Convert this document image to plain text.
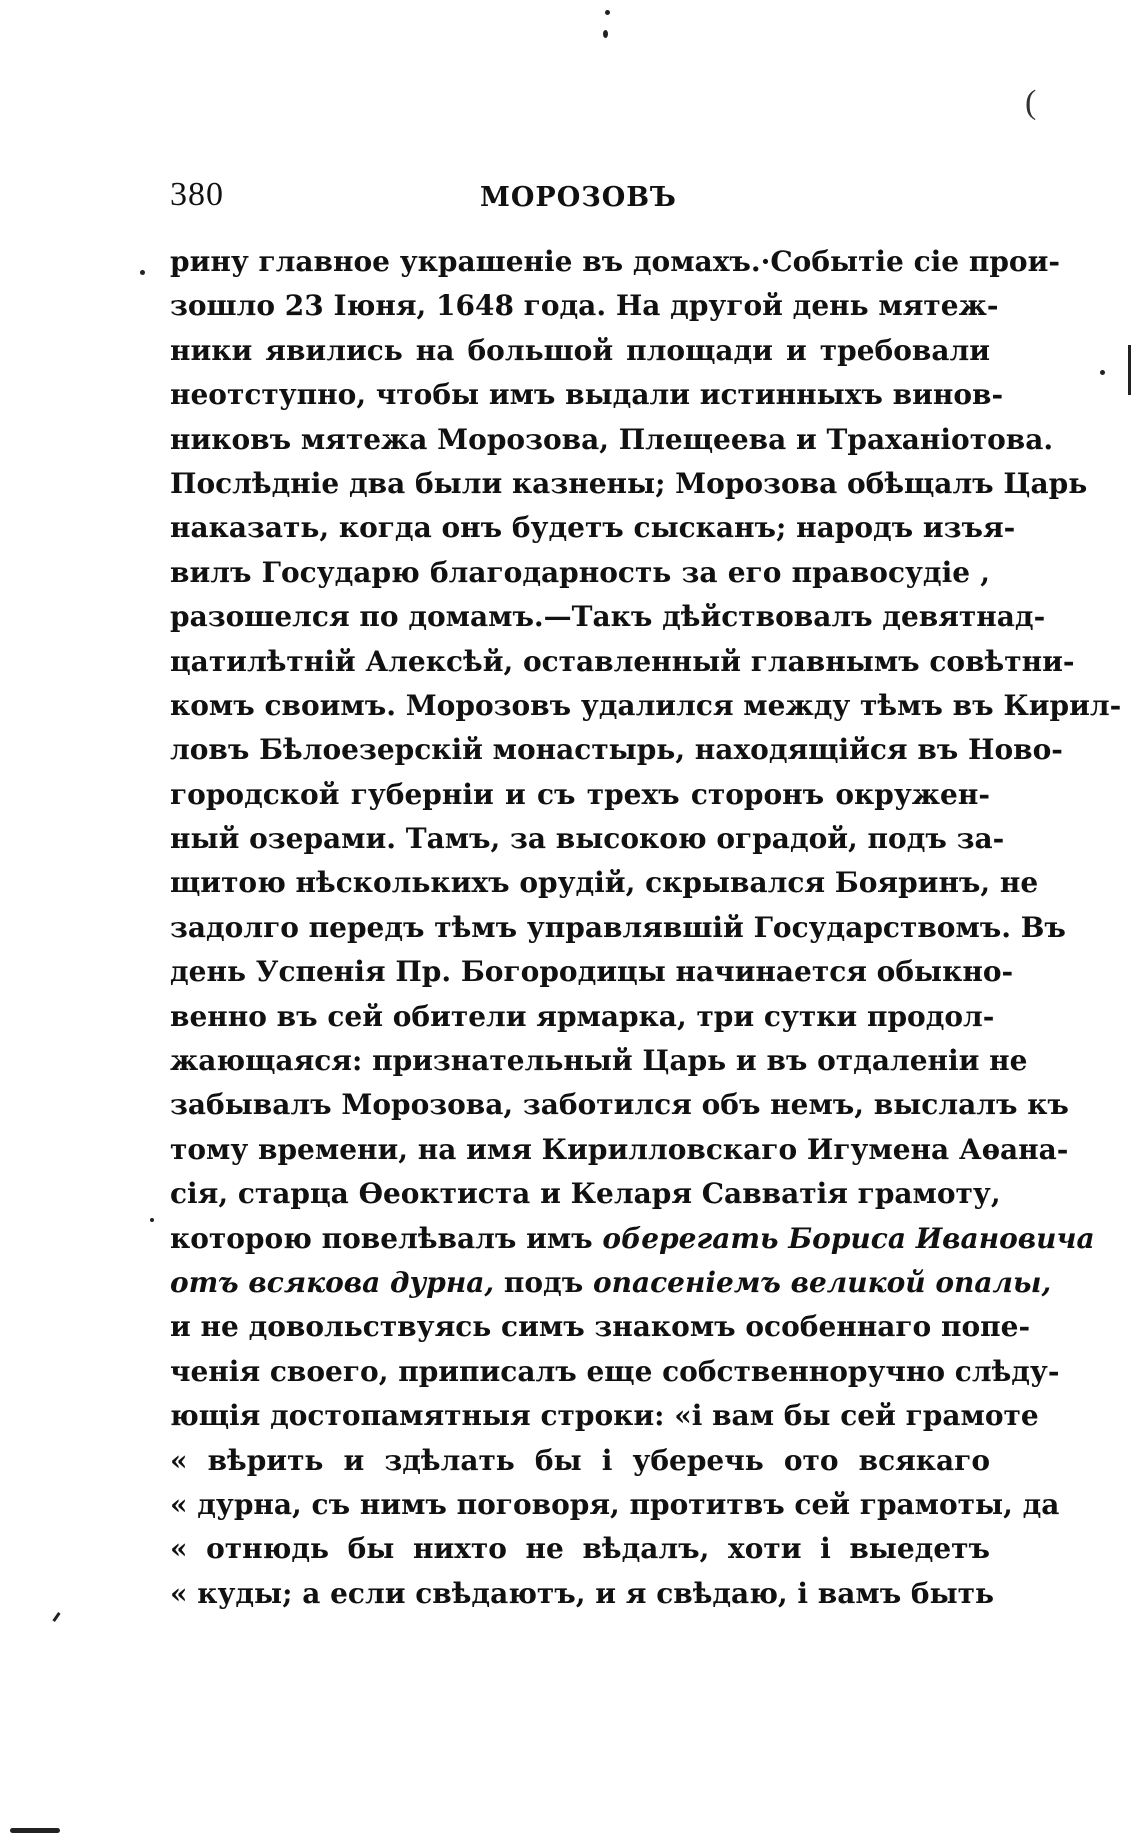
(
380	МОРОЗОВЪ
рину главное украшеніе въ домахъ.·Событіе сіе прои-
зошло 23 Іюня, 1648 года. На другой день мятеж-
ники явились на большой площади и требовали
неотступно, чтобы имъ выдали истинныхъ винов-
никовъ мятежа Морозова, Плещеева и Траханіотова.
Послѣдніе два были казнены; Морозова обѣщалъ Царь
наказать, когда онъ будетъ сысканъ; народъ изъя-
вилъ Государю благодарность за его правосудіе ,
разошелся по домамъ.—Такъ дѣйствовалъ девятнад-
цатилѣтній Алексѣй, оставленный главнымъ совѣтни-
комъ своимъ. Морозовъ удалился между тѣмъ въ Кирил-
ловъ Бѣлоезерскій монастырь, находящійся въ Ново-
городской губерніи и съ трехъ сторонъ окружен-
ный озерами. Тамъ, за высокою оградой, подъ за-
щитою нѣсколькихъ орудій, скрывался Бояринъ, не
задолго передъ тѣмъ управлявшій Государствомъ. Въ
день Успенія Пр. Богородицы начинается обыкно-
венно въ сей обители ярмарка, три сутки продол-
жающаяся: признательный Царь и въ отдаленіи не
забывалъ Морозова, заботился объ немъ, выслалъ къ
тому времени, на имя Кирилловскаго Игумена Аѳана-
сія, старца Ѳеоктиста и Келаря Савватія грамоту,
которою повелѣвалъ имъ оберегать Бориса Ивановича
отъ всякова дурна, подъ опасеніемъ великой опалы,
и не довольствуясь симъ знакомъ особеннаго попе-
ченія своего, приписалъ еще собственноручно слѣду-
ющія достопамятныя строки: «і вам бы сей грамоте
« вѣрить и здѣлать бы і уберечь ото всякаго
« дурна, съ нимъ поговоря, протитвъ сей грамоты, да
« отнюдь бы нихто не вѣдалъ, хоти і выедетъ
« куды; а если свѣдаютъ, и я свѣдаю, і вамъ быть
